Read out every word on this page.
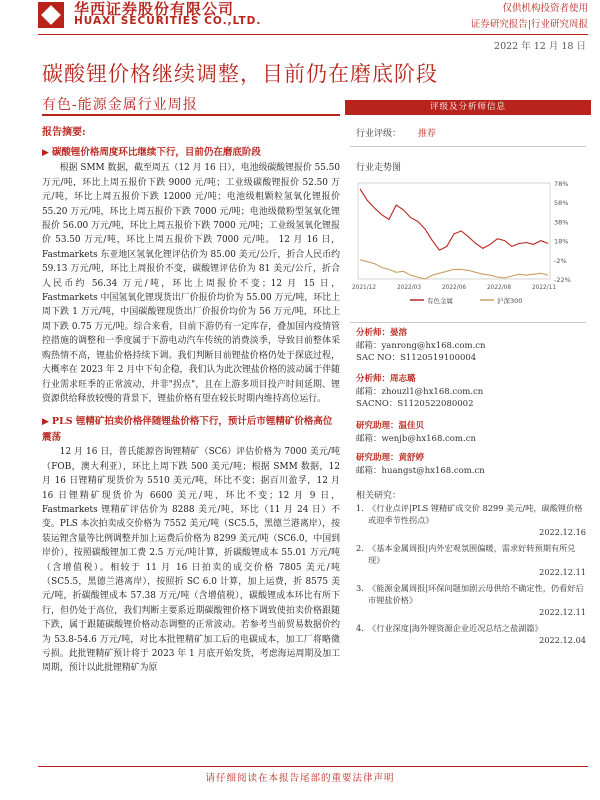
华西证券股份有限公司
HUAXI SECURITIES CO.,LTD.
仅供机构投资者使用
证券研究报告|行业研究周报
2022 年 12 月 18 日
碳酸锂价格继续调整，目前仍在磨底阶段
有色-能源金属行业周报
报告摘要:
▶ 碳酸锂价格周度环比继续下行，目前仍在磨底阶段

根据 SMM 数据，截至周五（12 月 16 日），电池级碳酸锂报价 55.50 万元/吨，环比上周五报价下跌 9000 元/吨；工业级碳酸锂报价 52.50 万元/吨，环比上周五报价下跌 12000 元/吨；电池级粗颗粒氢氧化锂报价 55.20 万元/吨，环比上周五报价下跌 7000 元/吨；电池级微粉型氢氧化锂报价 56.00 万元/吨，环比上周五报价下跌 7000 元/吨；工业级氢氧化锂报价 53.50 万元/吨，环比上周五报价下跌 7000 元/吨。 12 月 16 日， Fastmarkets 东亚地区氢氧化锂评估价为 85.00 美元/公斤，折合人民币约 59.13 万元/吨，环比上周报价不变，碳酸锂评估价为 81 美元/公斤，折合人民币约 56.34 万元/吨，环比上周报价不变；12 月 15 日，Fastmarkets 中国氢氧化锂现货出厂价报价均价为 55.00 万元/吨，环比上周下跌 1 万元/吨，中国碳酸锂现货出厂价报价均价为 56 万元/吨，环比上周下跌 0.75 万元/吨。综合来看，目前下游仍有一定库存，叠加国内疫情管控措施的调整和一季度属于下游电动汽车传统的消费淡季，导致目前整体采购热情不高，锂盐价格持续下调。我们判断目前锂盐价格仍处于探底过程，大概率在 2023 年 2 月中下旬企稳，我们认为此次锂盐价格的波动属于伴随行业需求旺季的正常波动，并非"拐点"，且在上游多项目投产时间延期、锂资源供给释放较慢的背景下，锂盐价格有望在较长时期内维持高位运行。

▶ PLS 锂精矿拍卖价格伴随锂盐价格下行，预计后市锂精矿价格高位震荡

12 月 16 日，普氏能源咨询锂精矿（SC6）评估价格为 7000 美元/吨（FOB，澳大利亚），环比上周下跌 500 美元/吨；根据 SMM 数据，12 月 16 日锂精矿现货价为 5510 美元/吨，环比不变；据百川盈孚，12 月 16 日锂精矿现货价为 6600 美元/吨，环比不变；12 月 9 日，Fastmarkets 锂精矿评估价为 8288 美元/吨，环比（11 月 24 日）不变。PLS 本次拍卖成交价格为 7552 美元/吨（SC5.5，黑德兰港离岸），按装运锂含量等比例调整并加上运费后价格为 8299 美元/吨（SC6.0，中国到岸价），按照碳酸锂加工费 2.5 万元/吨计算，折碳酸锂成本 55.01 万元/吨（含增值税）。相较于 11 月 16 日拍卖的成交价格 7805 美元/吨（SC5.5，黑德兰港离岸），按照折 SC 6.0 计算，加上运费，折 8575 美元/吨，折碳酸锂成本 57.38 万元/吨（含增值税），碳酸锂成本环比有所下行，但仍处于高位，我们判断主要系近期碳酸锂价格下调致使拍卖价格跟随下跌，属于跟随碳酸锂价格动态调整的正常波动。若参考当前贸易数据价约为 53.8-54.6 万元/吨，对比本批锂精矿加工后的电碳成本，加工厂将略微亏损。此批锂精矿预计将于 2023 年 1 月底开始发货，考虑海运周期及加工周期，预计以此批锂精矿为原

评级及分析师信息
行业评级： 推荐
行业走势图
78%
58%
38%
18%
-2%
-22%
2021/12	2022/03	2022/06	2022/08	2022/11
有色金属	沪深300
分析师：晏溶
邮箱：yanrong@hx168.com.cn
SAC NO：S1120519100004
分析师：周志璐
邮箱：zhouzl1@hx168.com.cn
SACNO：S1120522080002
研究助理：温佳贝
邮箱：wenjb@hx168.com.cn
研究助理：黄舒婷
邮箱：huangst@hx168.com.cn
相关研究：
1. 《行业点评|PLS 锂精矿成交价 8299 美元/吨，碳酸锂价格或迎季节性拐点》
2022.12.16
2. 《基本金属周报|内外宏观氛围偏暖，需求好转预期有所兑现》
2022.12.11
3. 《能源金属周报|环保问题加剧云母供给不确定性，仍看好后市锂盐价格》
2022.12.11
4. 《行业深度|海外锂资源企业近况总结之盐湖篇》
2022.12.04
请仔细阅读在本报告尾部的重要法律声明
